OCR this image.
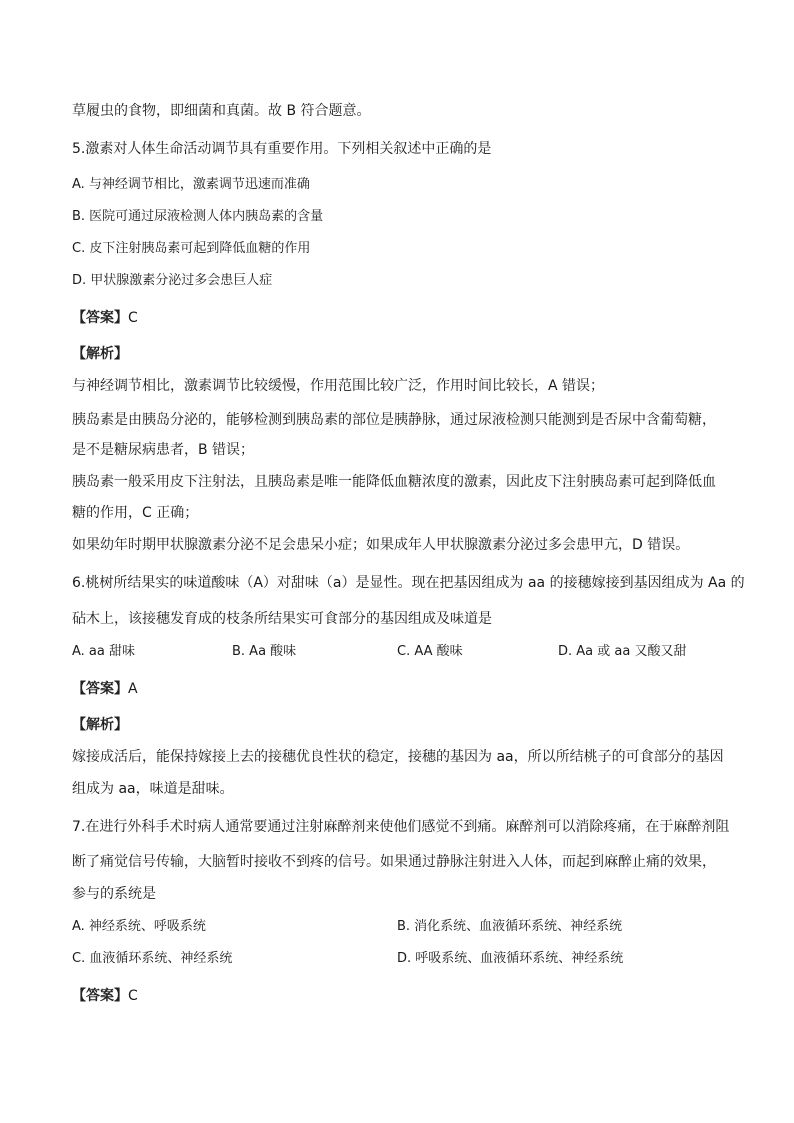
草履虫的食物，即细菌和真菌。故 B 符合题意。
5.激素对人体生命活动调节具有重要作用。下列相关叙述中正确的是
A. 与神经调节相比，激素调节迅速而准确
B. 医院可通过尿液检测人体内胰岛素的含量
C. 皮下注射胰岛素可起到降低血糖的作用
D. 甲状腺激素分泌过多会患巨人症
【答案】C
【解析】
与神经调节相比，激素调节比较缓慢，作用范围比较广泛，作用时间比较长，A 错误；
胰岛素是由胰岛分泌的，能够检测到胰岛素的部位是胰静脉，通过尿液检测只能测到是否尿中含葡萄糖，
是不是糖尿病患者，B 错误；
胰岛素一般采用皮下注射法，且胰岛素是唯一能降低血糖浓度的激素，因此皮下注射胰岛素可起到降低血
糖的作用，C 正确；
如果幼年时期甲状腺激素分泌不足会患呆小症；如果成年人甲状腺激素分泌过多会患甲亢，D 错误。
6.桃树所结果实的味道酸味（A）对甜味（a）是显性。现在把基因组成为 aa 的接穗嫁接到基因组成为 Aa 的
砧木上，该接穗发育成的枝条所结果实可食部分的基因组成及味道是
A. aa 甜味	B. Aa 酸味	C. AA 酸味	D. Aa 或 aa 又酸又甜
【答案】A
【解析】
嫁接成活后，能保持嫁接上去的接穗优良性状的稳定，接穗的基因为 aa，所以所结桃子的可食部分的基因
组成为 aa，味道是甜味。
7.在进行外科手术时病人通常要通过注射麻醉剂来使他们感觉不到痛。麻醉剂可以消除疼痛，在于麻醉剂阻
断了痛觉信号传输，大脑暂时接收不到疼的信号。如果通过静脉注射进入人体，而起到麻醉止痛的效果，
参与的系统是
A. 神经系统、呼吸系统	B. 消化系统、血液循环系统、神经系统
C. 血液循环系统、神经系统	D. 呼吸系统、血液循环系统、神经系统
【答案】C
